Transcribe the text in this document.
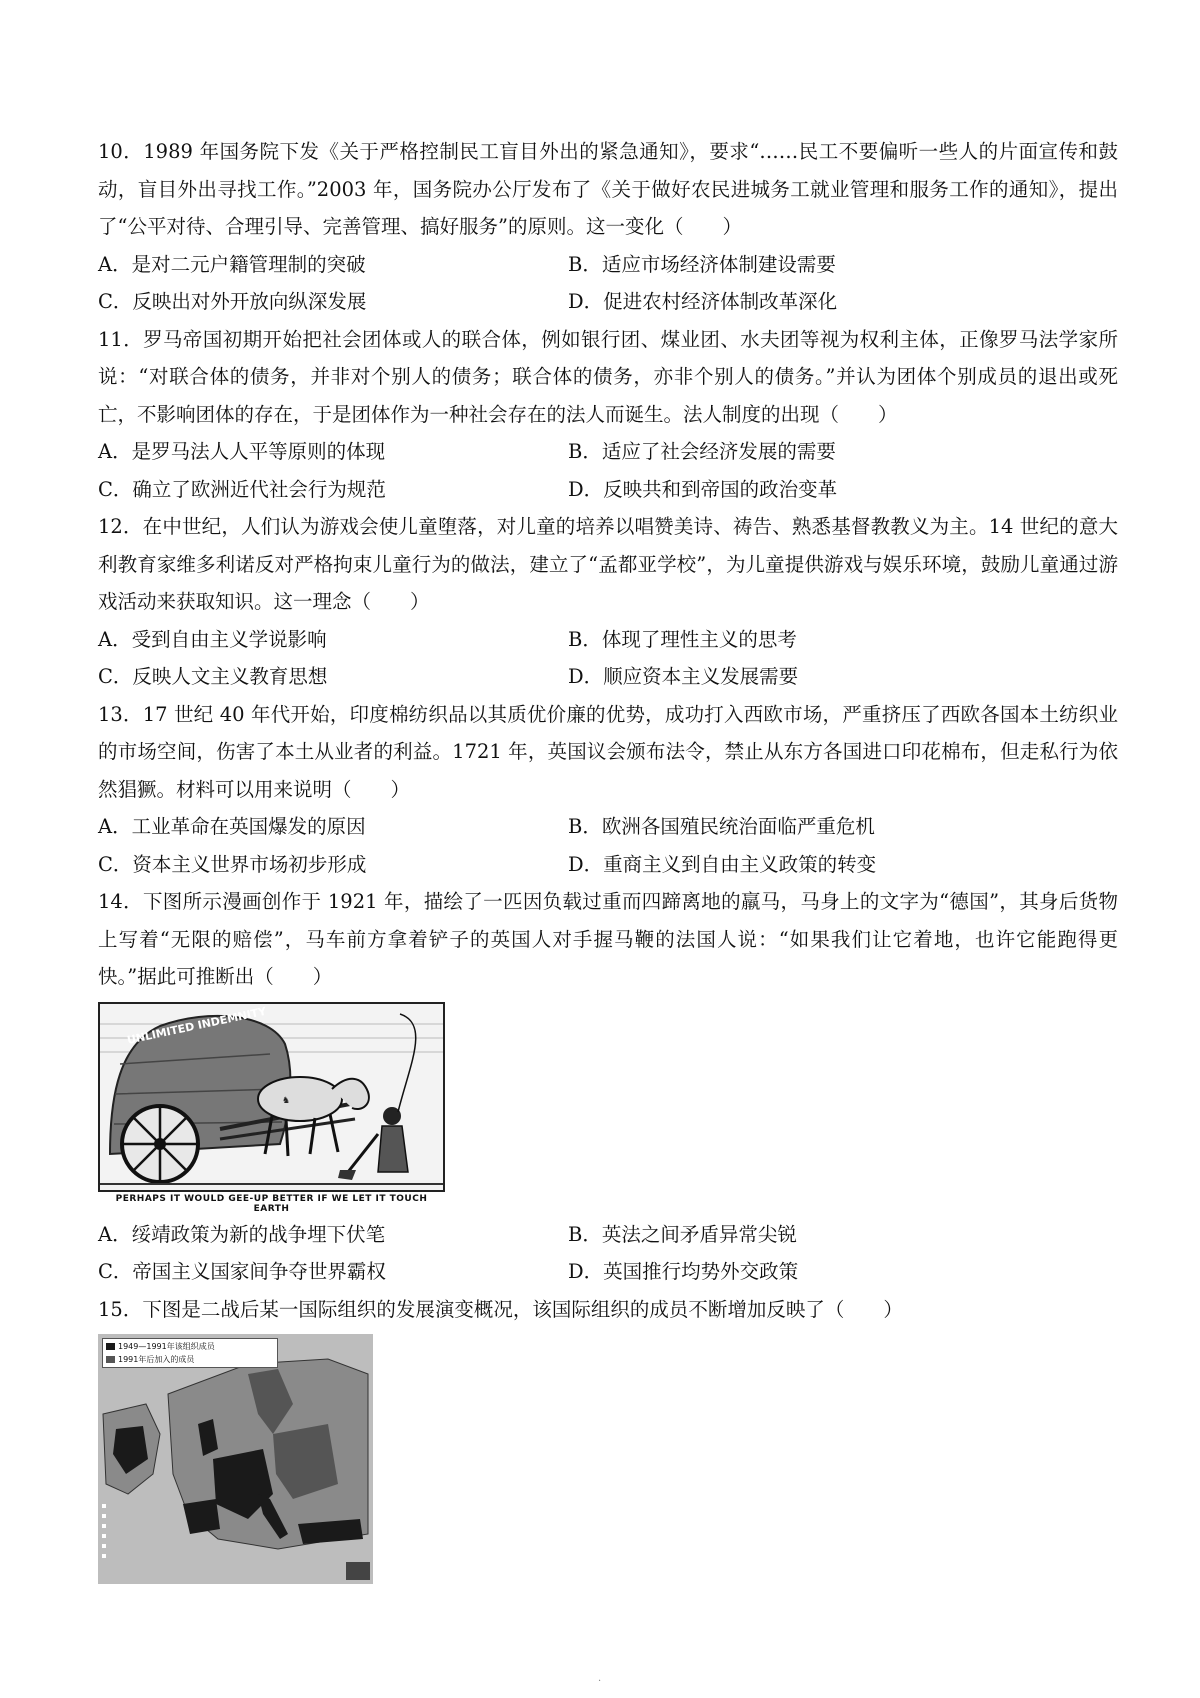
10．1989 年国务院下发《关于严格控制民工盲目外出的紧急通知》，要求“……民工不要偏听一些人的片面宣传和鼓动，盲目外出寻找工作。”2003 年，国务院办公厅发布了《关于做好农民进城务工就业管理和服务工作的通知》，提出了“公平对待、合理引导、完善管理、搞好服务”的原则。这一变化（　　）

A．是对二元户籍管理制的突破	B．适应市场经济体制建设需要
C．反映出对外开放向纵深发展	D．促进农村经济体制改革深化

11．罗马帝国初期开始把社会团体或人的联合体，例如银行团、煤业团、水夫团等视为权利主体，正像罗马法学家所说：“对联合体的债务，并非对个别人的债务；联合体的债务，亦非个别人的债务。”并认为团体个别成员的退出或死亡，不影响团体的存在，于是团体作为一种社会存在的法人而诞生。法人制度的出现（　　）

A．是罗马法人人平等原则的体现	B．适应了社会经济发展的需要
C．确立了欧洲近代社会行为规范	D．反映共和到帝国的政治变革

12．在中世纪，人们认为游戏会使儿童堕落，对儿童的培养以唱赞美诗、祷告、熟悉基督教教义为主。14 世纪的意大利教育家维多利诺反对严格拘束儿童行为的做法，建立了“孟都亚学校”，为儿童提供游戏与娱乐环境，鼓励儿童通过游戏活动来获取知识。这一理念（　　）

A．受到自由主义学说影响	B．体现了理性主义的思考
C．反映人文主义教育思想	D．顺应资本主义发展需要

13．17 世纪 40 年代开始，印度棉纺织品以其质优价廉的优势，成功打入西欧市场，严重挤压了西欧各国本土纺织业的市场空间，伤害了本土从业者的利益。1721 年，英国议会颁布法令，禁止从东方各国进口印花棉布，但走私行为依然猖獗。材料可以用来说明（　　）

A．工业革命在英国爆发的原因	B．欧洲各国殖民统治面临严重危机
C．资本主义世界市场初步形成	D．重商主义到自由主义政策的转变

14．下图所示漫画创作于 1921 年，描绘了一匹因负载过重而四蹄离地的羸马，马身上的文字为“德国”，其身后货物上写着“无限的赔偿”，马车前方拿着铲子的英国人对手握马鞭的法国人说：“如果我们让它着地，也许它能跑得更快。”据此可推断出（　　）

UNLIMITED INDEMNITY
♞
PERHAPS IT WOULD GEE-UP BETTER IF WE LET IT TOUCH EARTH
A．绥靖政策为新的战争埋下伏笔	B．英法之间矛盾异常尖锐
C．帝国主义国家间争夺世界霸权	D．英国推行均势外交政策

15．下图是二战后某一国际组织的发展演变概况，该国际组织的成员不断增加反映了（　　）

1949—1991年该组织成员
1991年后加入的成员
·
